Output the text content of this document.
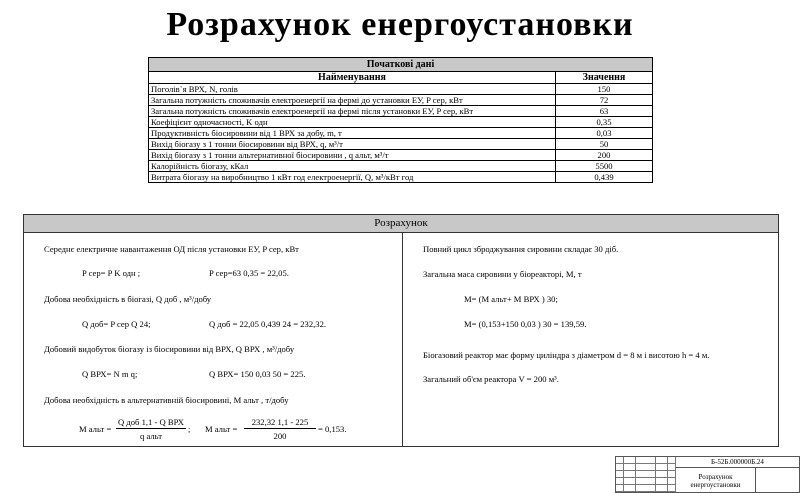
Розрахунок енергоустановки
Початкові дані	
Найменування	Значення
Поголів`я ВРХ, N, голів	150
Загальна потужність споживачів електроенергії на фермі до установки ЕУ, P сер, кВт	72
Загальна потужність споживачів електроенергії на фермі після установки ЕУ, P сер, кВт	63
Коефіцієнт одночасності, K одн	0,35
Продуктивність біосировини від 1 ВРХ за добу, m, т	0,03
Вихід біогазу з 1 тонни біосировини від ВРХ, q, м³/т	50
Вихід біогазу з 1 тонни альтернативної біосировини , q альт, м³/т	200
Калорійність біогазу, кКал	5500
Витрата біогазу на виробництво 1 кВт год електроенергії, Q, м³/кВт год	0,439
Розрахунок
Середнє електричне навантаження ОД після установки ЕУ, P сер, кВт
P сер= P K одн ;	P сер=63 0,35 = 22,05.
Добова необхідність в біогазі, Q доб , м³/добу
Q доб= P сер Q 24;	Q доб = 22,05 0,439 24 = 232,32.
Добовий видобуток біогазу із біосировини від ВРХ, Q ВРХ , м³/добу
Q ВРХ= N m q;	Q ВРХ= 150 0,03 50 = 225.
Добова необхідність в альтернативній біосировині, M альт , т/добу
M альт =
Q доб 1,1 - Q ВРХ
q альт
; M альт =
232,32 1,1 - 225
200
= 0,153.
Повний цикл зброджування сировини складає 30 діб.
Загальна маса сировини у біореакторі, M, т
M= (M альт+ M ВРХ ) 30;
M= (0,153+150 0,03 ) 30 = 139,59.
Біогазовий реактор має форму циліндра з діаметром d = 8 м і висотою h = 4 м.
Загальний об'єм реактора V = 200 м³.
Б-52Б.000000Б.24
Розрахунок енергоустановки
